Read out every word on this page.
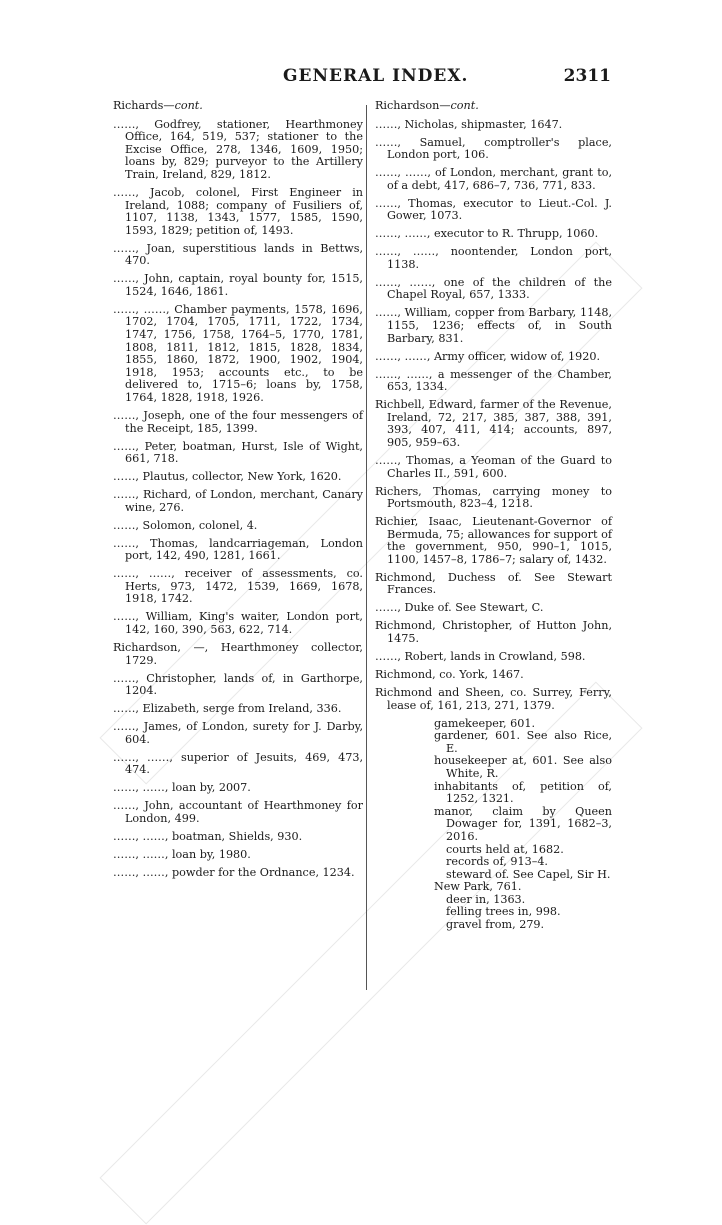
GENERAL INDEX.	2311
Richards—cont.
……, Godfrey, stationer, Hearthmoney Office, 164, 519, 537; stationer to the Excise Office, 278, 1346, 1609, 1950; loans by, 829; purveyor to the Artillery Train, Ireland, 829, 1812.
……, Jacob, colonel, First Engineer in Ireland, 1088; company of Fusiliers of, 1107, 1138, 1343, 1577, 1585, 1590, 1593, 1829; petition of, 1493.
……, Joan, superstitious lands in Bettws, 470.
……, John, captain, royal bounty for, 1515, 1524, 1646, 1861.
……, ……, Chamber payments, 1578, 1696, 1702, 1704, 1705, 1711, 1722, 1734, 1747, 1756, 1758, 1764–5, 1770, 1781, 1808, 1811, 1812, 1815, 1828, 1834, 1855, 1860, 1872, 1900, 1902, 1904, 1918, 1953; accounts etc., to be delivered to, 1715–6; loans by, 1758, 1764, 1828, 1918, 1926.
……, Joseph, one of the four messengers of the Receipt, 185, 1399.
……, Peter, boatman, Hurst, Isle of Wight, 661, 718.
……, Plautus, collector, New York, 1620.
……, Richard, of London, merchant, Canary wine, 276.
……, Solomon, colonel, 4.
……, Thomas, landcarriageman, London port, 142, 490, 1281, 1661.
……, ……, receiver of assessments, co. Herts, 973, 1472, 1539, 1669, 1678, 1918, 1742.
……, William, King's waiter, London port, 142, 160, 390, 563, 622, 714.
Richardson, —, Hearthmoney collector, 1729.
……, Christopher, lands of, in Garthorpe, 1204.
……, Elizabeth, serge from Ireland, 336.
……, James, of London, surety for J. Darby, 604.
……, ……, superior of Jesuits, 469, 473, 474.
……, ……, loan by, 2007.
……, John, accountant of Hearthmoney for London, 499.
……, ……, boatman, Shields, 930.
……, ……, loan by, 1980.
……, ……, powder for the Ordnance, 1234.
Richardson—cont.
……, Nicholas, shipmaster, 1647.
……, Samuel, comptroller's place, London port, 106.
……, ……, of London, merchant, grant to, of a debt, 417, 686–7, 736, 771, 833.
……, Thomas, executor to Lieut.-Col. J. Gower, 1073.
……, ……, executor to R. Thrupp, 1060.
……, ……, noontender, London port, 1138.
……, ……, one of the children of the Chapel Royal, 657, 1333.
……, William, copper from Barbary, 1148, 1155, 1236; effects of, in South Barbary, 831.
……, ……, Army officer, widow of, 1920.
……, ……, a messenger of the Chamber, 653, 1334.
Richbell, Edward, farmer of the Revenue, Ireland, 72, 217, 385, 387, 388, 391, 393, 407, 411, 414; accounts, 897, 905, 959–63.
……, Thomas, a Yeoman of the Guard to Charles II., 591, 600.
Richers, Thomas, carrying money to Portsmouth, 823–4, 1218.
Richier, Isaac, Lieutenant-Governor of Bermuda, 75; allowances for support of the government, 950, 990–1, 1015, 1100, 1457–8, 1786–7; salary of, 1432.
Richmond, Duchess of. See Stewart Frances.
……, Duke of. See Stewart, C.
Richmond, Christopher, of Hutton John, 1475.
……, Robert, lands in Crowland, 598.
Richmond, co. York, 1467.
Richmond and Sheen, co. Surrey, Ferry, lease of, 161, 213, 271, 1379.
gamekeeper, 601.
gardener, 601. See also Rice, E.
housekeeper at, 601. See also White, R.
inhabitants of, petition of, 1252, 1321.
manor, claim by Queen Dowager for, 1391, 1682–3, 2016.
courts held at, 1682.
records of, 913–4.
steward of. See Capel, Sir H.
New Park, 761.
deer in, 1363.
felling trees in, 998.
gravel from, 279.
